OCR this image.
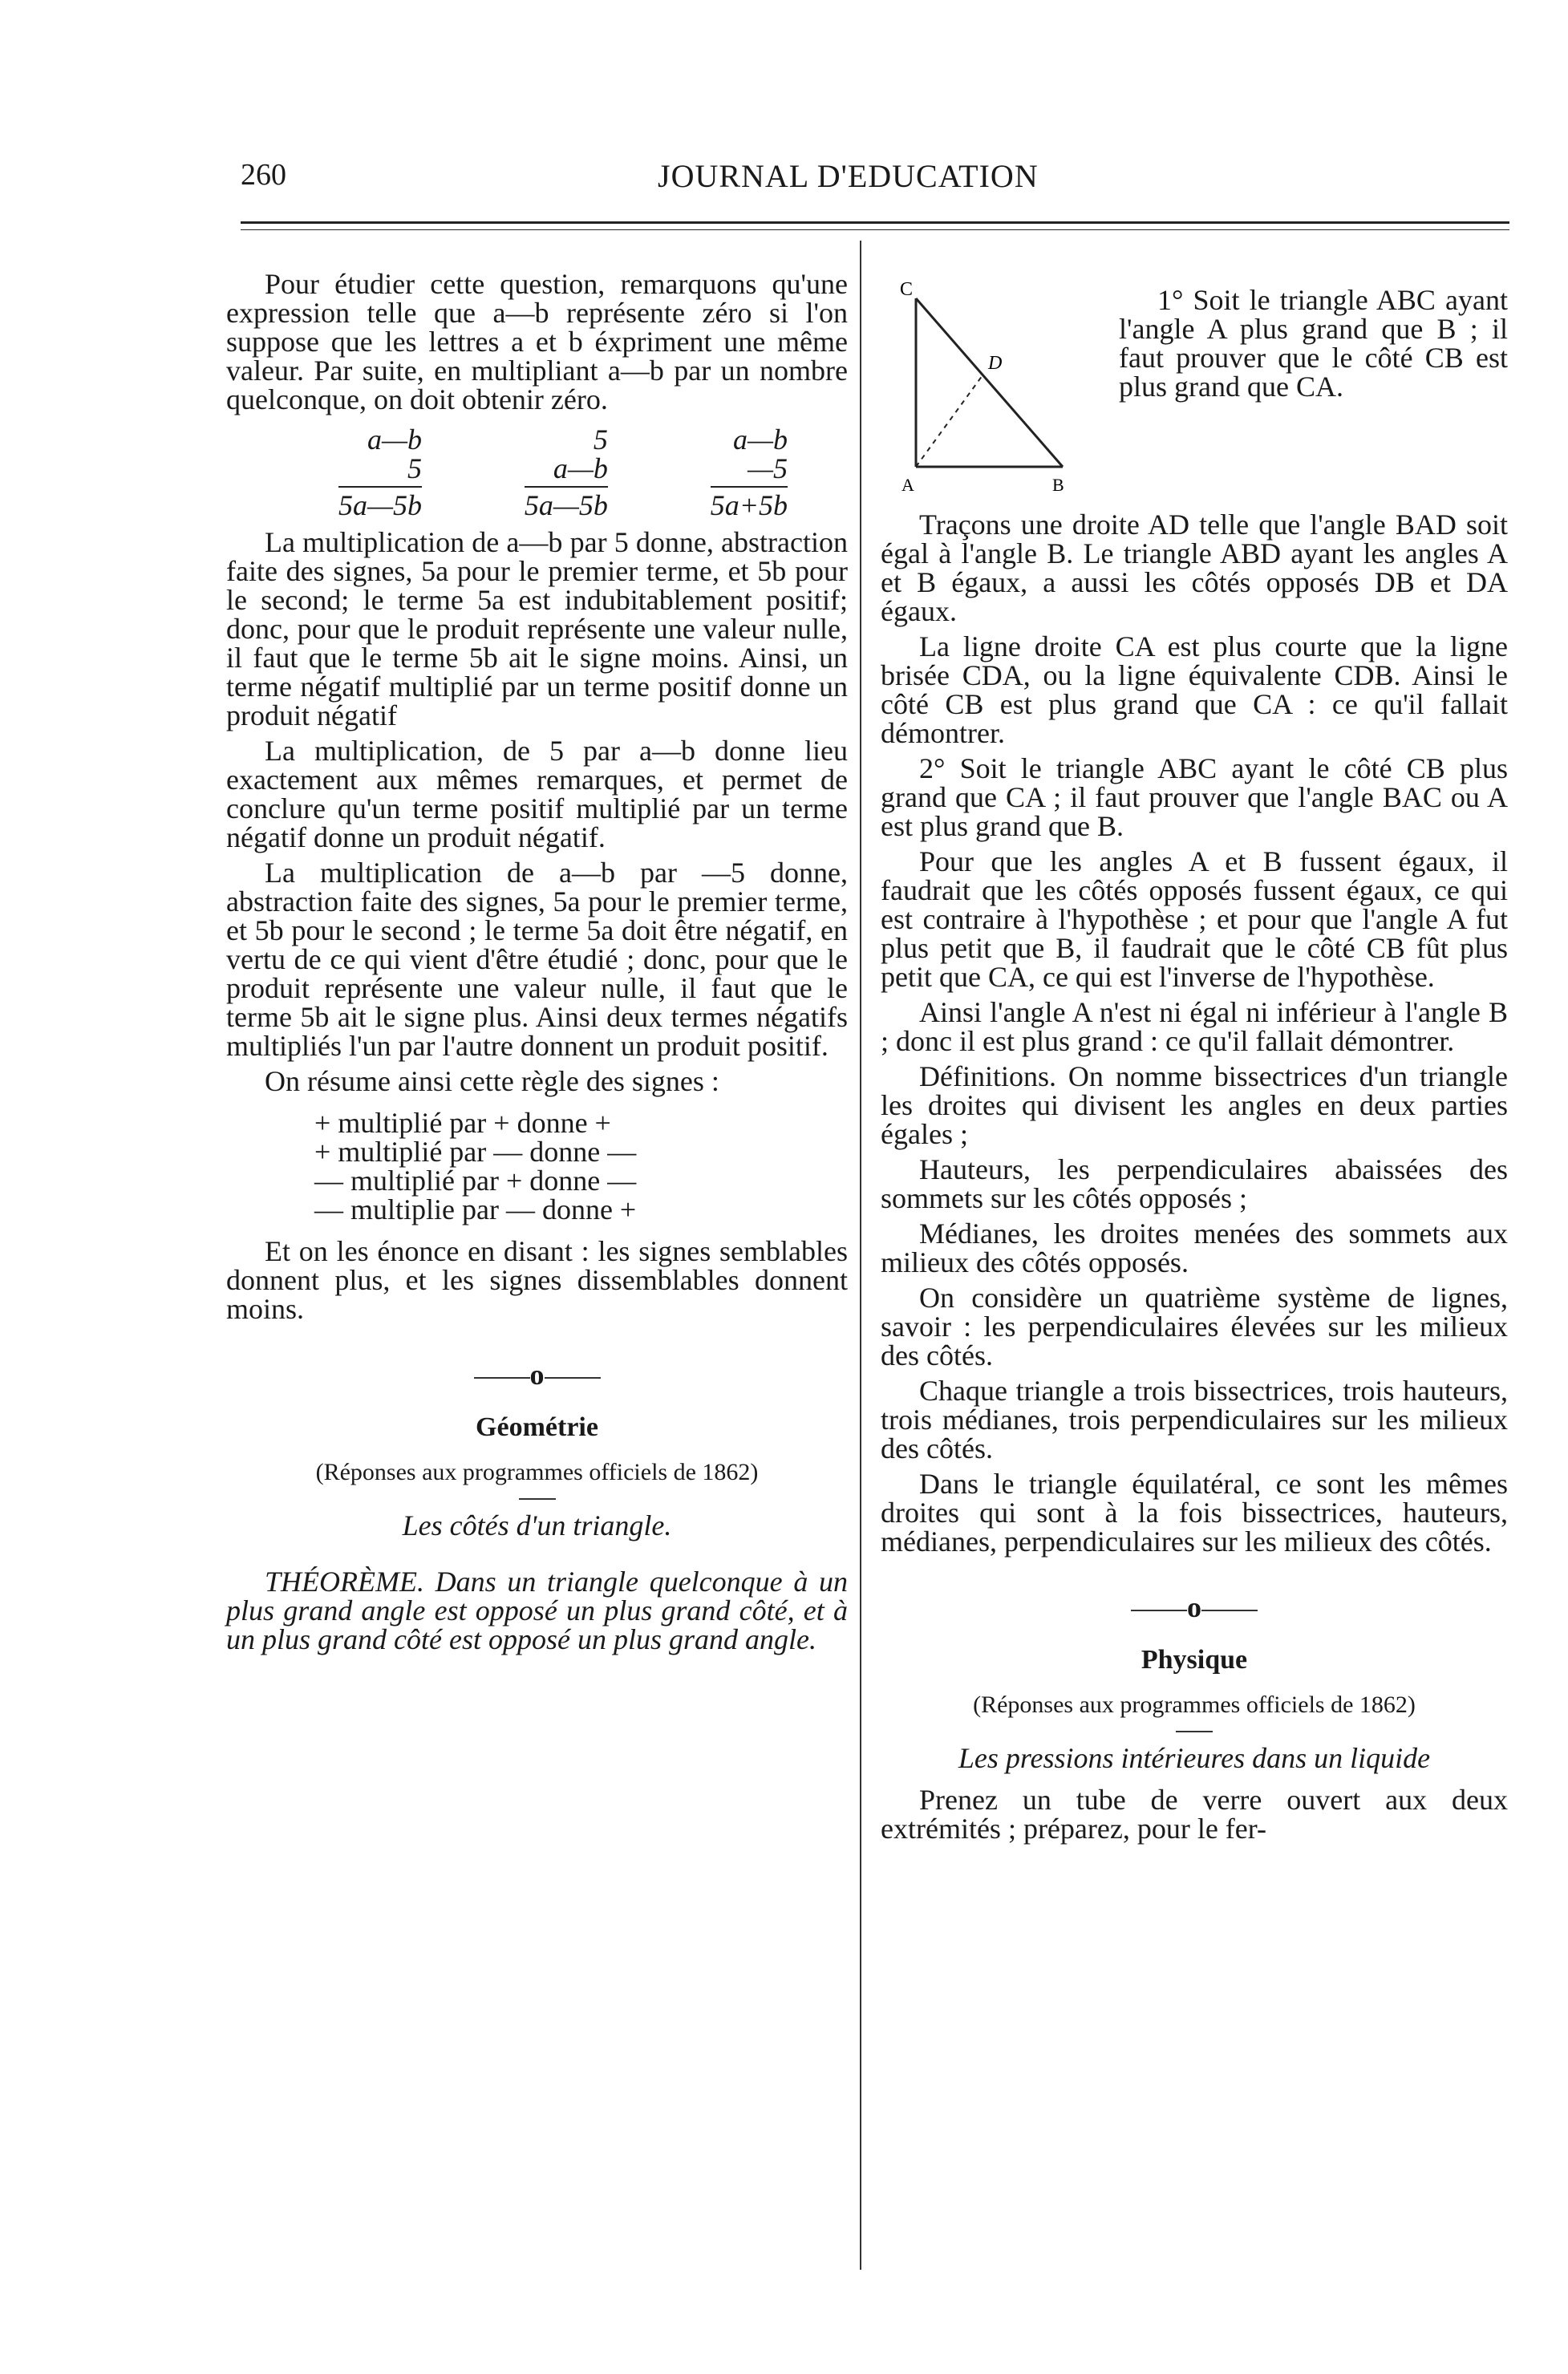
260	JOURNAL D'EDUCATION

Pour étudier cette question, remarquons qu'une expression telle que a—b représente zéro si l'on suppose que les lettres a et b éxpriment une même valeur. Par suite, en multipliant a—b par un nombre quelconque, on doit obtenir zéro.

a—b
5
5a—5b
5
a—b
5a—5b
a—b
—5
5a+5b

La multiplication de a—b par 5 donne, abstraction faite des signes, 5a pour le premier terme, et 5b pour le second; le terme 5a est indubitablement positif; donc, pour que le produit représente une valeur nulle, il faut que le terme 5b ait le signe moins. Ainsi, un terme négatif multiplié par un terme positif donne un produit négatif

La multiplication, de 5 par a—b donne lieu exactement aux mêmes remarques, et permet de conclure qu'un terme positif multiplié par un terme négatif donne un produit négatif.

La multiplication de a—b par —5 donne, abstraction faite des signes, 5a pour le premier terme, et 5b pour le second ; le terme 5a doit être négatif, en vertu de ce qui vient d'être étudié ; donc, pour que le produit représente une valeur nulle, il faut que le terme 5b ait le signe plus. Ainsi deux termes négatifs multipliés l'un par l'autre donnent un produit positif.

On résume ainsi cette règle des signes :

+ multiplié par + donne +
+ multiplié par — donne —
— multiplié par + donne —
— multiplie par — donne +

Et on les énonce en disant : les signes semblables donnent plus, et les signes dissemblables donnent moins.

o
Géométrie
(Réponses aux programmes officiels de 1862)
Les côtés d'un triangle.

THÉORÈME. Dans un triangle quelconque à un plus grand angle est opposé un plus grand côté, et à un plus grand côté est opposé un plus grand angle.

C
D
A	B

1° Soit le triangle ABC ayant l'angle A plus grand que B ; il faut prouver que le côté CB est plus grand que CA.

Traçons une droite AD telle que l'angle BAD soit égal à l'angle B. Le triangle ABD ayant les angles A et B égaux, a aussi les côtés opposés DB et DA égaux.

La ligne droite CA est plus courte que la ligne brisée CDA, ou la ligne équivalente CDB. Ainsi le côté CB est plus grand que CA : ce qu'il fallait démontrer.

2° Soit le triangle ABC ayant le côté CB plus grand que CA ; il faut prouver que l'angle BAC ou A est plus grand que B.

Pour que les angles A et B fussent égaux, il faudrait que les côtés opposés fussent égaux, ce qui est contraire à l'hypothèse ; et pour que l'angle A fut plus petit que B, il faudrait que le côté CB fût plus petit que CA, ce qui est l'inverse de l'hypothèse.

Ainsi l'angle A n'est ni égal ni inférieur à l'angle B ; donc il est plus grand : ce qu'il fallait démontrer.

Définitions. On nomme bissectrices d'un triangle les droites qui divisent les angles en deux parties égales ;

Hauteurs, les perpendiculaires abaissées des sommets sur les côtés opposés ;

Médianes, les droites menées des sommets aux milieux des côtés opposés.

On considère un quatrième système de lignes, savoir : les perpendiculaires élevées sur les milieux des côtés.

Chaque triangle a trois bissectrices, trois hauteurs, trois médianes, trois perpendiculaires sur les milieux des côtés.

Dans le triangle équilatéral, ce sont les mêmes droites qui sont à la fois bissectrices, hauteurs, médianes, perpendiculaires sur les milieux des côtés.

o
Physique
(Réponses aux programmes officiels de 1862)
Les pressions intérieures dans un liquide

Prenez un tube de verre ouvert aux deux extrémités ; préparez, pour le fer-
